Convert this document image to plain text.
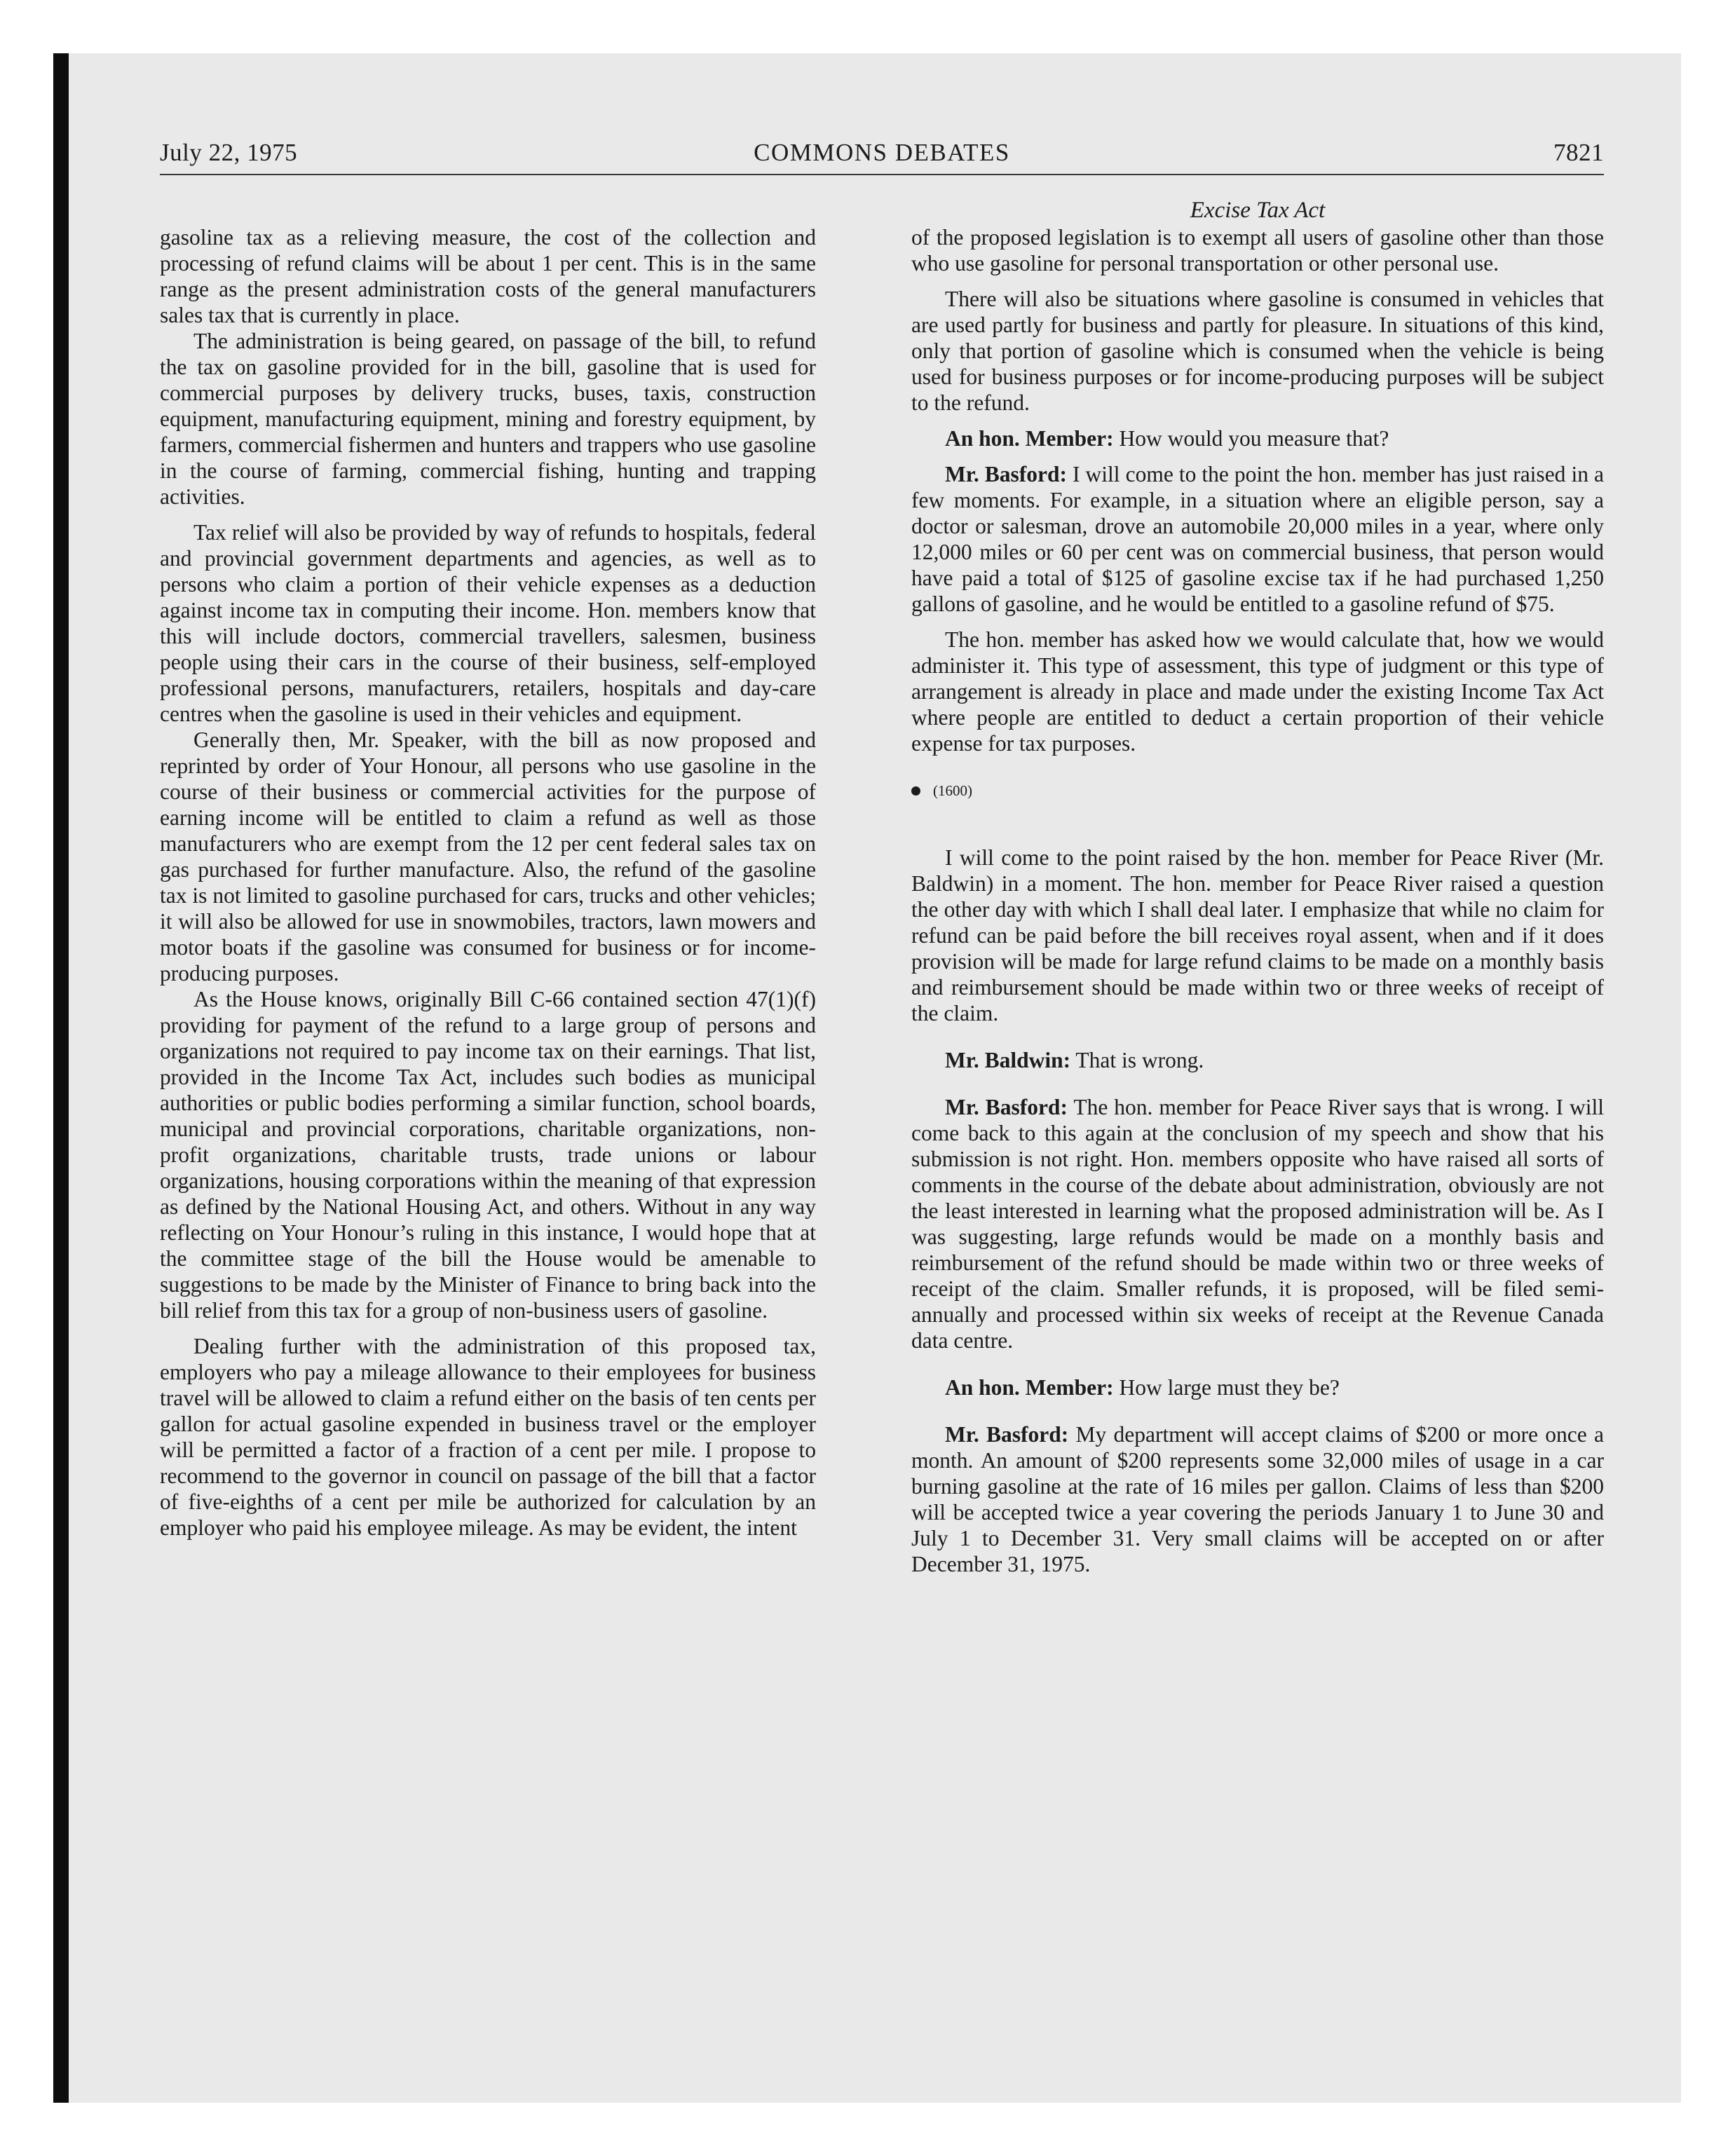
July 22, 1975	COMMONS DEBATES	7821
Excise Tax Act

gasoline tax as a relieving measure, the cost of the collection and processing of refund claims will be about 1 per cent. This is in the same range as the present administration costs of the general manufacturers sales tax that is currently in place.

The administration is being geared, on passage of the bill, to refund the tax on gasoline provided for in the bill, gasoline that is used for commercial purposes by delivery trucks, buses, taxis, construction equipment, manufacturing equipment, mining and forestry equipment, by farmers, commercial fishermen and hunters and trappers who use gasoline in the course of farming, commercial fishing, hunting and trapping activities.

Tax relief will also be provided by way of refunds to hospitals, federal and provincial government departments and agencies, as well as to persons who claim a portion of their vehicle expenses as a deduction against income tax in computing their income. Hon. members know that this will include doctors, commercial travellers, salesmen, business people using their cars in the course of their business, self-employed professional persons, manufacturers, retailers, hospitals and day-care centres when the gasoline is used in their vehicles and equipment.

Generally then, Mr. Speaker, with the bill as now proposed and reprinted by order of Your Honour, all persons who use gasoline in the course of their business or commercial activities for the purpose of earning income will be entitled to claim a refund as well as those manufacturers who are exempt from the 12 per cent federal sales tax on gas purchased for further manufacture. Also, the refund of the gasoline tax is not limited to gasoline purchased for cars, trucks and other vehicles; it will also be allowed for use in snowmobiles, tractors, lawn mowers and motor boats if the gasoline was consumed for business or for income-producing purposes.

As the House knows, originally Bill C-66 contained section 47(1)(f) providing for payment of the refund to a large group of persons and organizations not required to pay income tax on their earnings. That list, provided in the Income Tax Act, includes such bodies as municipal authorities or public bodies performing a similar function, school boards, municipal and provincial corporations, charitable organizations, non-profit organizations, charitable trusts, trade unions or labour organizations, housing corporations within the meaning of that expression as defined by the National Housing Act, and others. Without in any way reflecting on Your Honour’s ruling in this instance, I would hope that at the committee stage of the bill the House would be amenable to suggestions to be made by the Minister of Finance to bring back into the bill relief from this tax for a group of non-business users of gasoline.

Dealing further with the administration of this proposed tax, employers who pay a mileage allowance to their employees for business travel will be allowed to claim a refund either on the basis of ten cents per gallon for actual gasoline expended in business travel or the employer will be permitted a factor of a fraction of a cent per mile. I propose to recommend to the governor in council on passage of the bill that a factor of five-eighths of a cent per mile be authorized for calculation by an employer who paid his employee mileage. As may be evident, the intent

of the proposed legislation is to exempt all users of gasoline other than those who use gasoline for personal transportation or other personal use.

There will also be situations where gasoline is consumed in vehicles that are used partly for business and partly for pleasure. In situations of this kind, only that portion of gasoline which is consumed when the vehicle is being used for business purposes or for income-producing purposes will be subject to the refund.

An hon. Member: How would you measure that?

Mr. Basford: I will come to the point the hon. member has just raised in a few moments. For example, in a situation where an eligible person, say a doctor or salesman, drove an automobile 20,000 miles in a year, where only 12,000 miles or 60 per cent was on commercial business, that person would have paid a total of $125 of gasoline excise tax if he had purchased 1,250 gallons of gasoline, and he would be entitled to a gasoline refund of $75.

The hon. member has asked how we would calculate that, how we would administer it. This type of assessment, this type of judgment or this type of arrangement is already in place and made under the existing Income Tax Act where people are entitled to deduct a certain proportion of their vehicle expense for tax purposes.

(1600)

I will come to the point raised by the hon. member for Peace River (Mr. Baldwin) in a moment. The hon. member for Peace River raised a question the other day with which I shall deal later. I emphasize that while no claim for refund can be paid before the bill receives royal assent, when and if it does provision will be made for large refund claims to be made on a monthly basis and reimbursement should be made within two or three weeks of receipt of the claim.

Mr. Baldwin: That is wrong.

Mr. Basford: The hon. member for Peace River says that is wrong. I will come back to this again at the conclusion of my speech and show that his submission is not right. Hon. members opposite who have raised all sorts of comments in the course of the debate about administration, obviously are not the least interested in learning what the proposed administration will be. As I was suggesting, large refunds would be made on a monthly basis and reimbursement of the refund should be made within two or three weeks of receipt of the claim. Smaller refunds, it is proposed, will be filed semi-annually and processed within six weeks of receipt at the Revenue Canada data centre.

An hon. Member: How large must they be?

Mr. Basford: My department will accept claims of $200 or more once a month. An amount of $200 represents some 32,000 miles of usage in a car burning gasoline at the rate of 16 miles per gallon. Claims of less than $200 will be accepted twice a year covering the periods January 1 to June 30 and July 1 to December 31. Very small claims will be accepted on or after December 31, 1975.
